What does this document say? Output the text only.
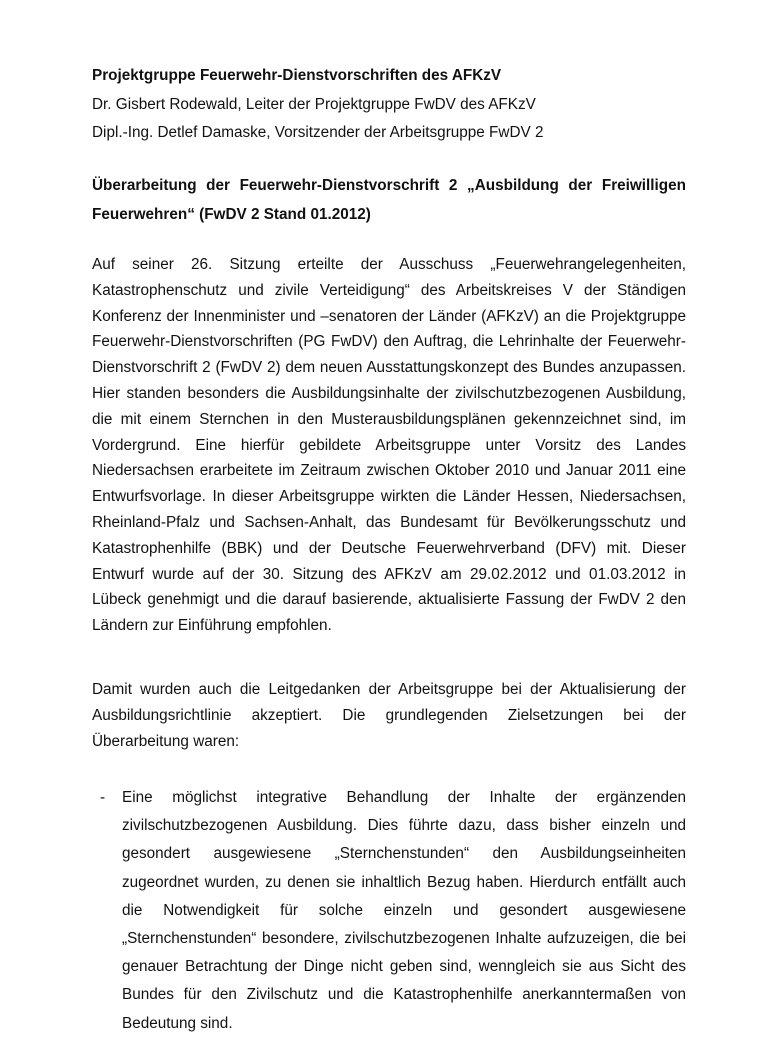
Projektgruppe Feuerwehr-Dienstvorschriften des AFKzV
Dr. Gisbert Rodewald, Leiter der Projektgruppe FwDV des AFKzV
Dipl.-Ing. Detlef Damaske, Vorsitzender der Arbeitsgruppe FwDV 2
Überarbeitung der Feuerwehr-Dienstvorschrift 2 „Ausbildung der Freiwilligen Feuerwehren“ (FwDV 2 Stand 01.2012)
Auf seiner 26. Sitzung erteilte der Ausschuss „Feuerwehrangelegenheiten, Katastrophenschutz und zivile Verteidigung“ des Arbeitskreises V der Ständigen Konferenz der Innenminister und –senatoren der Länder (AFKzV) an die Projektgruppe Feuerwehr-Dienstvorschriften (PG FwDV) den Auftrag, die Lehrinhalte der Feuerwehr-Dienstvorschrift 2 (FwDV 2) dem neuen Ausstattungskonzept des Bundes anzupassen. Hier standen besonders die Ausbildungsinhalte der zivilschutzbezogenen Ausbildung, die mit einem Sternchen in den Musterausbildungsplänen gekennzeichnet sind, im Vordergrund. Eine hierfür gebildete Arbeitsgruppe unter Vorsitz des Landes Niedersachsen erarbeitete im Zeitraum zwischen Oktober 2010 und Januar 2011 eine Entwurfsvorlage. In dieser Arbeitsgruppe wirkten die Länder Hessen, Niedersachsen, Rheinland-Pfalz und Sachsen-Anhalt, das Bundesamt für Bevölkerungsschutz und Katastrophenhilfe (BBK) und der Deutsche Feuerwehrverband (DFV) mit. Dieser Entwurf wurde auf der 30. Sitzung des AFKzV am 29.02.2012 und 01.03.2012 in Lübeck genehmigt und die darauf basierende, aktualisierte Fassung der FwDV 2 den Ländern zur Einführung empfohlen.
Damit wurden auch die Leitgedanken der Arbeitsgruppe bei der Aktualisierung der Ausbildungsrichtlinie akzeptiert. Die grundlegenden Zielsetzungen bei der Überarbeitung waren:
- Eine möglichst integrative Behandlung der Inhalte der ergänzenden zivilschutzbezogenen Ausbildung. Dies führte dazu, dass bisher einzeln und gesondert ausgewiesene „Sternchenstunden“ den Ausbildungseinheiten zugeordnet wurden, zu denen sie inhaltlich Bezug haben. Hierdurch entfällt auch die Notwendigkeit für solche einzeln und gesondert ausgewiesene „Sternchenstunden“ besondere, zivilschutzbezogenen Inhalte aufzuzeigen, die bei genauer Betrachtung der Dinge nicht geben sind, wenngleich sie aus Sicht des Bundes für den Zivilschutz und die Katastrophenhilfe anerkanntermaßen von Bedeutung sind.
